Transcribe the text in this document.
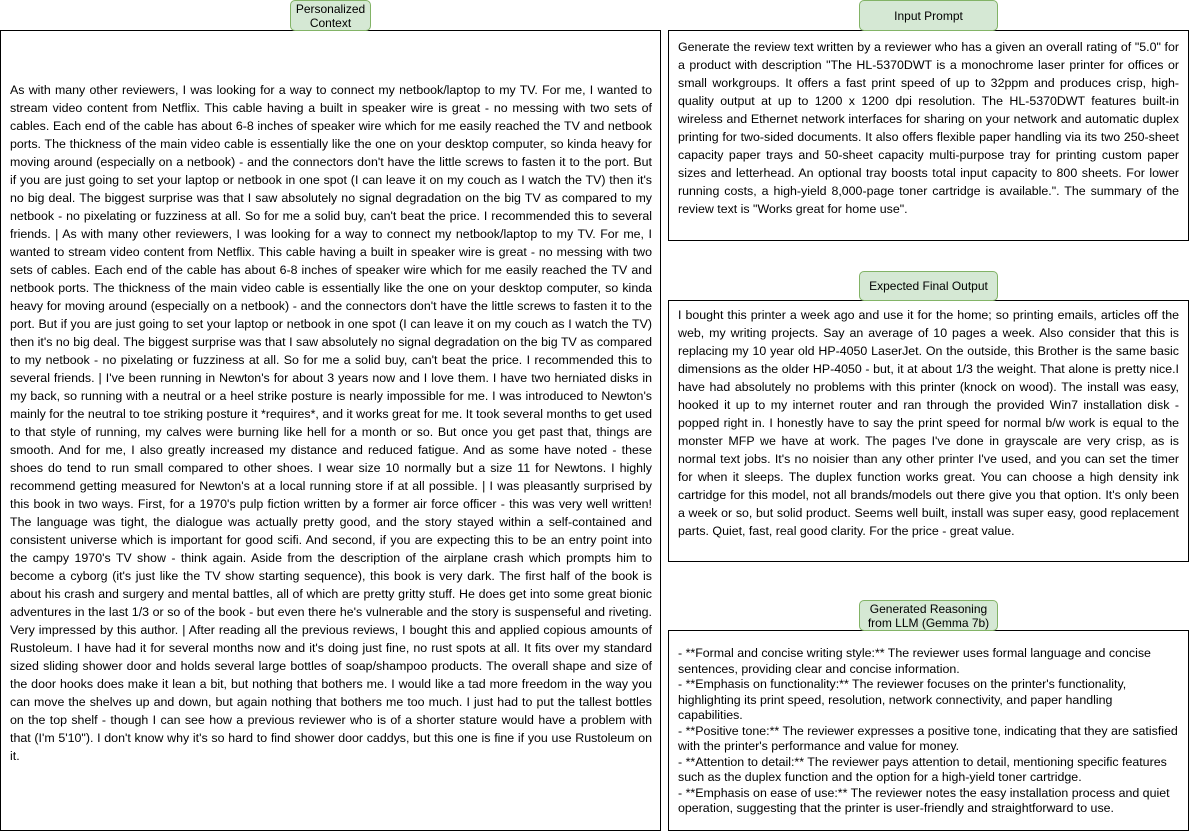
As with many other reviewers, I was looking for a way to connect my netbook/laptop to my TV. For me, I wanted to stream video content from Netflix. This cable having a built in speaker wire is great - no messing with two sets of cables. Each end of the cable has about 6-8 inches of speaker wire which for me easily reached the TV and netbook ports. The thickness of the main video cable is essentially like the one on your desktop computer, so kinda heavy for moving around (especially on a netbook) - and the connectors don't have the little screws to fasten it to the port. But if you are just going to set your laptop or netbook in one spot (I can leave it on my couch as I watch the TV) then it's no big deal. The biggest surprise was that I saw absolutely no signal degradation on the big TV as compared to my netbook - no pixelating or fuzziness at all. So for me a solid buy, can't beat the price. I recommended this to several friends. | As with many other reviewers, I was looking for a way to connect my netbook/laptop to my TV. For me, I wanted to stream video content from Netflix. This cable having a built in speaker wire is great - no messing with two sets of cables. Each end of the cable has about 6-8 inches of speaker wire which for me easily reached the TV and netbook ports. The thickness of the main video cable is essentially like the one on your desktop computer, so kinda heavy for moving around (especially on a netbook) - and the connectors don't have the little screws to fasten it to the port. But if you are just going to set your laptop or netbook in one spot (I can leave it on my couch as I watch the TV) then it's no big deal. The biggest surprise was that I saw absolutely no signal degradation on the big TV as compared to my netbook - no pixelating or fuzziness at all. So for me a solid buy, can't beat the price. I recommended this to several friends. | I've been running in Newton's for about 3 years now and I love them. I have two herniated disks in my back, so running with a neutral or a heel strike posture is nearly impossible for me. I was introduced to Newton's mainly for the neutral to toe striking posture it *requires*, and it works great for me. It took several months to get used to that style of running, my calves were burning like hell for a month or so. But once you get past that, things are smooth. And for me, I also greatly increased my distance and reduced fatigue. And as some have noted - these shoes do tend to run small compared to other shoes. I wear size 10 normally but a size 11 for Newtons. I highly recommend getting measured for Newton's at a local running store if at all possible. | I was pleasantly surprised by this book in two ways. First, for a 1970's pulp fiction written by a former air force officer - this was very well written! The language was tight, the dialogue was actually pretty good, and the story stayed within a self-contained and consistent universe which is important for good scifi. And second, if you are expecting this to be an entry point into the campy 1970's TV show - think again. Aside from the description of the airplane crash which prompts him to become a cyborg (it's just like the TV show starting sequence), this book is very dark. The first half of the book is about his crash and surgery and mental battles, all of which are pretty gritty stuff. He does get into some great bionic adventures in the last 1/3 or so of the book - but even there he's vulnerable and the story is suspenseful and riveting. Very impressed by this author. | After reading all the previous reviews, I bought this and applied copious amounts of Rustoleum. I have had it for several months now and it's doing just fine, no rust spots at all. It fits over my standard sized sliding shower door and holds several large bottles of soap/shampoo products. The overall shape and size of the door hooks does make it lean a bit, but nothing that bothers me. I would like a tad more freedom in the way you can move the shelves up and down, but again nothing that bothers me too much. I just had to put the tallest bottles on the top shelf - though I can see how a previous reviewer who is of a shorter stature would have a problem with that (I'm 5'10"). I don't know why it's so hard to find shower door caddys, but this one is fine if you use Rustoleum on it.
Generate the review text written by a reviewer who has a given an overall rating of "5.0" for a product with description "The HL-5370DWT is a monochrome laser printer for offices or small workgroups. It offers a fast print speed of up to 32ppm and produces crisp, high-quality output at up to 1200 x 1200 dpi resolution. The HL-5370DWT features built-in wireless and Ethernet network interfaces for sharing on your network and automatic duplex printing for two-sided documents. It also offers flexible paper handling via its two 250-sheet capacity paper trays and 50-sheet capacity multi-purpose tray for printing custom paper sizes and letterhead. An optional tray boosts total input capacity to 800 sheets. For lower running costs, a high-yield 8,000-page toner cartridge is available.". The summary of the review text is "Works great for home use".
I bought this printer a week ago and use it for the home; so printing emails, articles off the web, my writing projects. Say an average of 10 pages a week. Also consider that this is replacing my 10 year old HP-4050 LaserJet. On the outside, this Brother is the same basic dimensions as the older HP-4050 - but, it at about 1/3 the weight. That alone is pretty nice.I have had absolutely no problems with this printer (knock on wood). The install was easy, hooked it up to my internet router and ran through the provided Win7 installation disk - popped right in. I honestly have to say the print speed for normal b/w work is equal to the monster MFP we have at work. The pages I've done in grayscale are very crisp, as is normal text jobs. It's no noisier than any other printer I've used, and you can set the timer for when it sleeps. The duplex function works great. You can choose a high density ink cartridge for this model, not all brands/models out there give you that option. It's only been a week or so, but solid product. Seems well built, install was super easy, good replacement parts. Quiet, fast, real good clarity. For the price - great value.
- **Formal and concise writing style:** The reviewer uses formal language and concise sentences, providing clear and concise information.
- **Emphasis on functionality:** The reviewer focuses on the printer's functionality, highlighting its print speed, resolution, network connectivity, and paper handling capabilities.
- **Positive tone:** The reviewer expresses a positive tone, indicating that they are satisfied with the printer's performance and value for money.
- **Attention to detail:** The reviewer pays attention to detail, mentioning specific features such as the duplex function and the option for a high-yield toner cartridge.
- **Emphasis on ease of use:** The reviewer notes the easy installation process and quiet operation, suggesting that the printer is user-friendly and straightforward to use.
Personalized
Context	Input Prompt
Expected Final Output
Generated Reasoning
from LLM (Gemma 7b)
